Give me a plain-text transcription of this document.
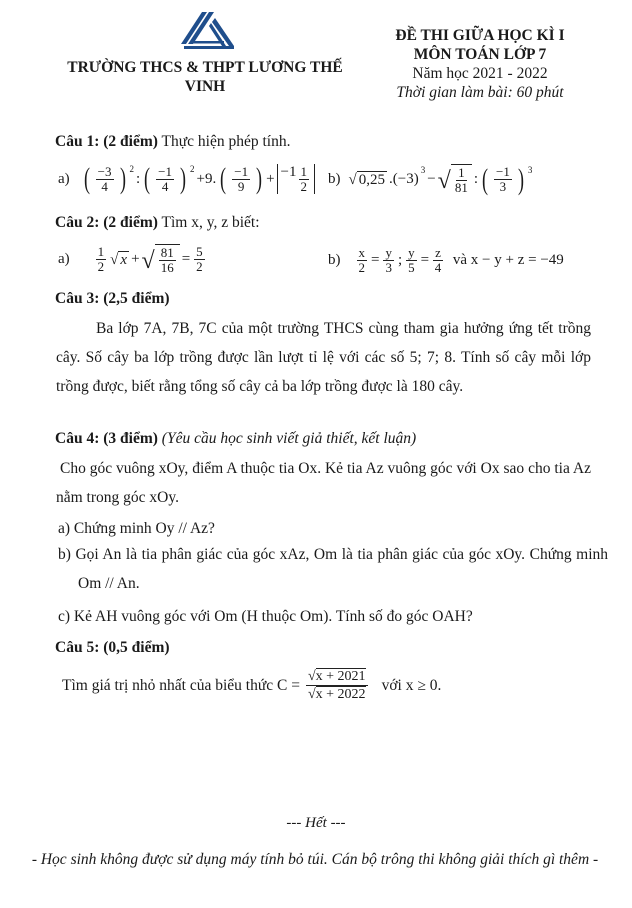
TRƯỜNG THCS & THPT LƯƠNG THẾ
VINH
ĐỀ THI GIỮA HỌC KÌ I
MÔN TOÁN LỚP 7
Năm học 2021 - 2022
Thời gian làm bài: 60 phút
Câu 1: (2 điểm) Thực hiện phép tính.
a) ( $\frac{-3}{4}$ ) 2
: ( $\frac{-1}{4}$ ) 2
+9. ( $\frac{-1}{9}$ ) + $-1 \frac{1}{2} b$) √ 0,25 .(−3)
3
− √ $\frac{1}{81}$ : ( $\frac{-1}{3}$ ) 3
Câu 2: (2 điểm) Tìm x, y, z biết:
$a) \frac{1}{2}$ √ x + √ $\frac{81}{16} = \frac{5}{2}$	$b) \frac{x}{2} = \frac{y}{3}$ ; $\frac{y}{5} = \frac{z}{4}$ và x − y + z = −49
Câu 3: (2,5 điểm)
Ba lớp 7A, 7B, 7C của một trường THCS cùng tham gia hưởng ứng tết trồng cây. Số cây ba lớp trồng được lần lượt tỉ lệ với các số 5; 7; 8. Tính số cây mỗi lớp trồng được, biết rằng tổng số cây cả ba lớp trồng được là 180 cây.
Câu 4: (3 điểm) (Yêu cầu học sinh viết giả thiết, kết luận)
Cho góc vuông xOy, điểm A thuộc tia Ox. Kẻ tia Az vuông góc với Ox sao cho tia Az nằm trong góc xOy.
a) Chứng minh Oy // Az?
b) Gọi An là tia phân giác của góc xAz, Om là tia phân giác của góc xOy. Chứng minh Om // An.
c) Kẻ AH vuông góc với Om (H thuộc Om). Tính số đo góc OAH?
Câu 5: (0,5 điểm)
Tìm giá trị nhỏ nhất của biểu thức $C = \frac{√x + 2021}{√x + 2022}$ với x ≥ 0.
--- Hết ---
- Học sinh không được sử dụng máy tính bỏ túi. Cán bộ trông thi không giải thích gì thêm -
